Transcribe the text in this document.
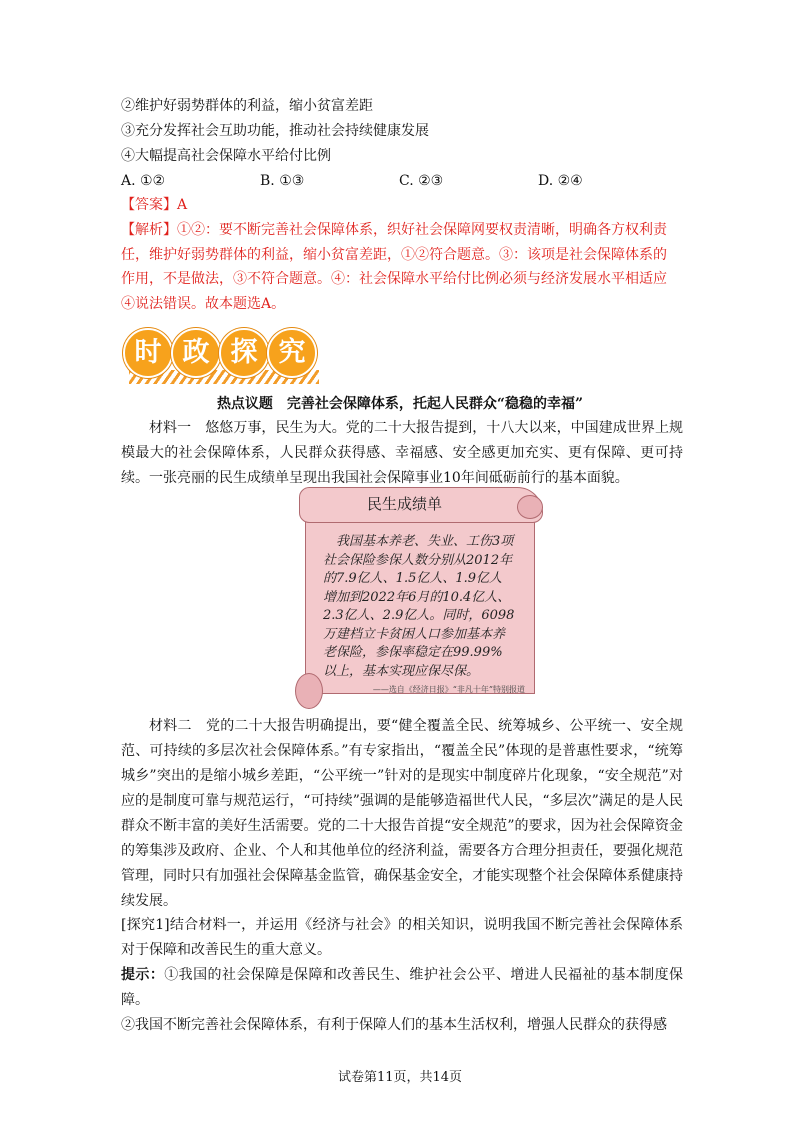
②维护好弱势群体的利益，缩小贫富差距
③充分发挥社会互助功能，推动社会持续健康发展
④大幅提高社会保障水平给付比例
A. ①②	B. ①③	C. ②③	D. ②④
【答案】A

【解析】①②：要不断完善社会保障体系，织好社会保障网要权责清晰，明确各方权利责

任，维护好弱势群体的利益，缩小贫富差距，①②符合题意。③：该项是社会保障体系的

作用，不是做法，③不符合题意。④：社会保障水平给付比例必须与经济发展水平相适应

④说法错误。故本题选A。

时 政 探 究
热点议题　完善社会保障体系，托起人民群众“稳稳的幸福”
材料一　悠悠万事，民生为大。党的二十大报告提到，十八大以来，中国建成世界上规模最大的社会保障体系，人民群众获得感、幸福感、安全感更加充实、更有保障、更可持续。一张亮丽的民生成绩单呈现出我国社会保障事业10年间砥砺前行的基本面貌。
民生成绩单
　我国基本养老、失业、工伤3项社会保险参保人数分别从2012年的7.9亿人、1.5亿人、1.9亿人增加到2022年6月的10.4亿人、2.3亿人、2.9亿人。同时，6098万建档立卡贫困人口参加基本养老保险，参保率稳定在99.99%以上，基本实现应保尽保。
——选自《经济日报》“非凡十年”特别报道
材料二　党的二十大报告明确提出，要“健全覆盖全民、统筹城乡、公平统一、安全规范、可持续的多层次社会保障体系。”有专家指出，“覆盖全民”体现的是普惠性要求，“统筹城乡”突出的是缩小城乡差距，“公平统一”针对的是现实中制度碎片化现象，“安全规范”对应的是制度可靠与规范运行，“可持续”强调的是能够造福世代人民，“多层次”满足的是人民群众不断丰富的美好生活需要。党的二十大报告首提“安全规范”的要求，因为社会保障资金的筹集涉及政府、企业、个人和其他单位的经济利益，需要各方合理分担责任，要强化规范管理，同时只有加强社会保障基金监管，确保基金安全，才能实现整个社会保障体系健康持续发展。
[探究1]结合材料一，并运用《经济与社会》的相关知识，说明我国不断完善社会保障体系对于保障和改善民生的重大意义。

提示：①我国的社会保障是保障和改善民生、维护社会公平、增进人民福祉的基本制度保障。

②我国不断完善社会保障体系，有利于保障人们的基本生活权利，增强人民群众的获得感

试卷第11页，共14页
